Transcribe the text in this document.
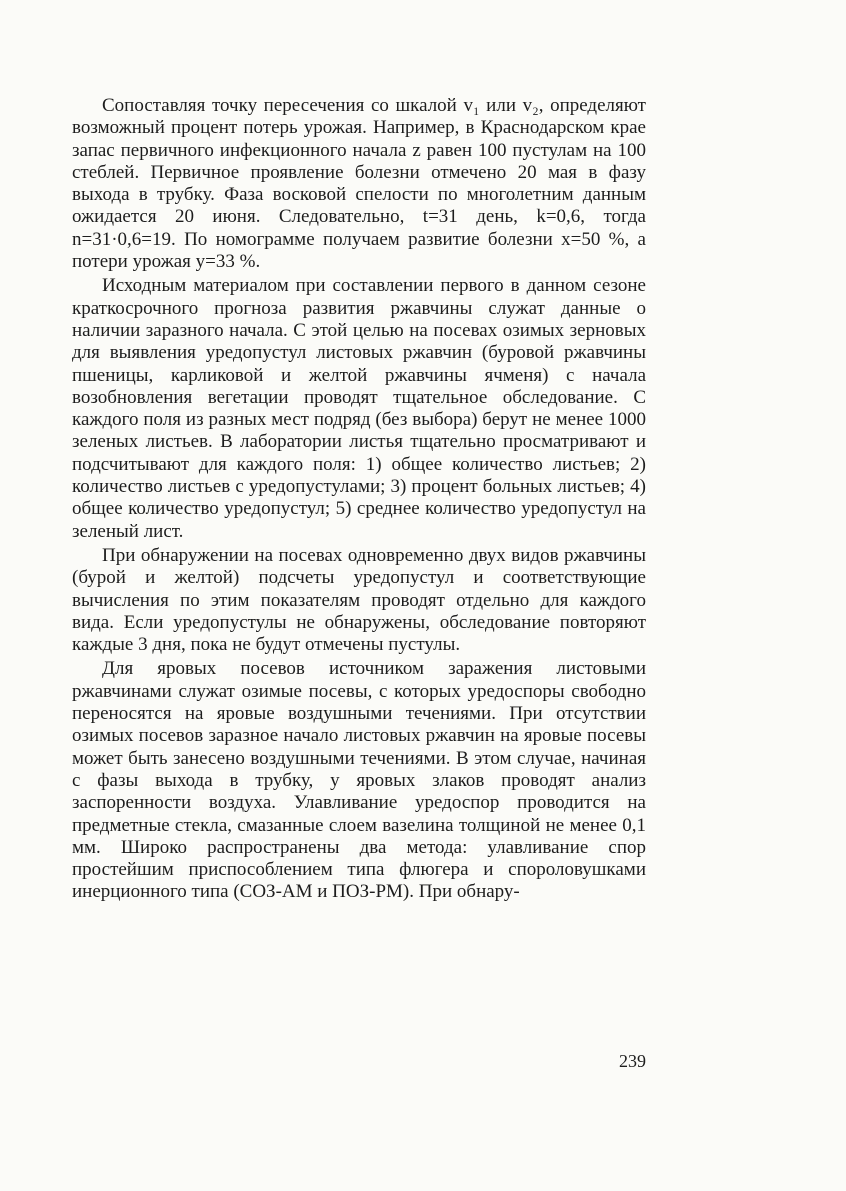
Сопоставляя точку пересечения со шкалой v₁ или v₂, определяют возможный процент потерь урожая. Например, в Краснодарском крае запас первичного инфекционного начала z равен 100 пустулам на 100 стеблей. Первичное проявление болезни отмечено 20 мая в фазу выхода в трубку. Фаза восковой спелости по многолетним данным ожидается 20 июня. Следовательно, t=31 день, k=0,6, тогда n=31·0,6=19. По номограмме получаем развитие болезни x=50 %, а потери урожая y=33 %.

Исходным материалом при составлении первого в данном сезоне краткосрочного прогноза развития ржавчины служат данные о наличии заразного начала. С этой целью на посевах озимых зерновых для выявления уредопустул листовых ржавчин (буровой ржавчины пшеницы, карликовой и желтой ржавчины ячменя) с начала возобновления вегетации проводят тщательное обследование. С каждого поля из разных мест подряд (без выбора) берут не менее 1000 зеленых листьев. В лаборатории листья тщательно просматривают и подсчитывают для каждого поля: 1) общее количество листьев; 2) количество листьев с уредопустулами; 3) процент больных листьев; 4) общее количество уредопустул; 5) среднее количество уредопустул на зеленый лист.

При обнаружении на посевах одновременно двух видов ржавчины (бурой и желтой) подсчеты уредопустул и соответствующие вычисления по этим показателям проводят отдельно для каждого вида. Если уредопустулы не обнаружены, обследование повторяют каждые 3 дня, пока не будут отмечены пустулы.

Для яровых посевов источником заражения листовыми ржавчинами служат озимые посевы, с которых уредоспоры свободно переносятся на яровые воздушными течениями. При отсутствии озимых посевов заразное начало листовых ржавчин на яровые посевы может быть занесено воздушными течениями. В этом случае, начиная с фазы выхода в трубку, у яровых злаков проводят анализ заспоренности воздуха. Улавливание уредоспор проводится на предметные стекла, смазанные слоем вазелина толщиной не менее 0,1 мм. Широко распространены два метода: улавливание спор простейшим приспособлением типа флюгера и спороловушками инерционного типа (СОЗ-АМ и ПОЗ-РМ). При обнару-

239
